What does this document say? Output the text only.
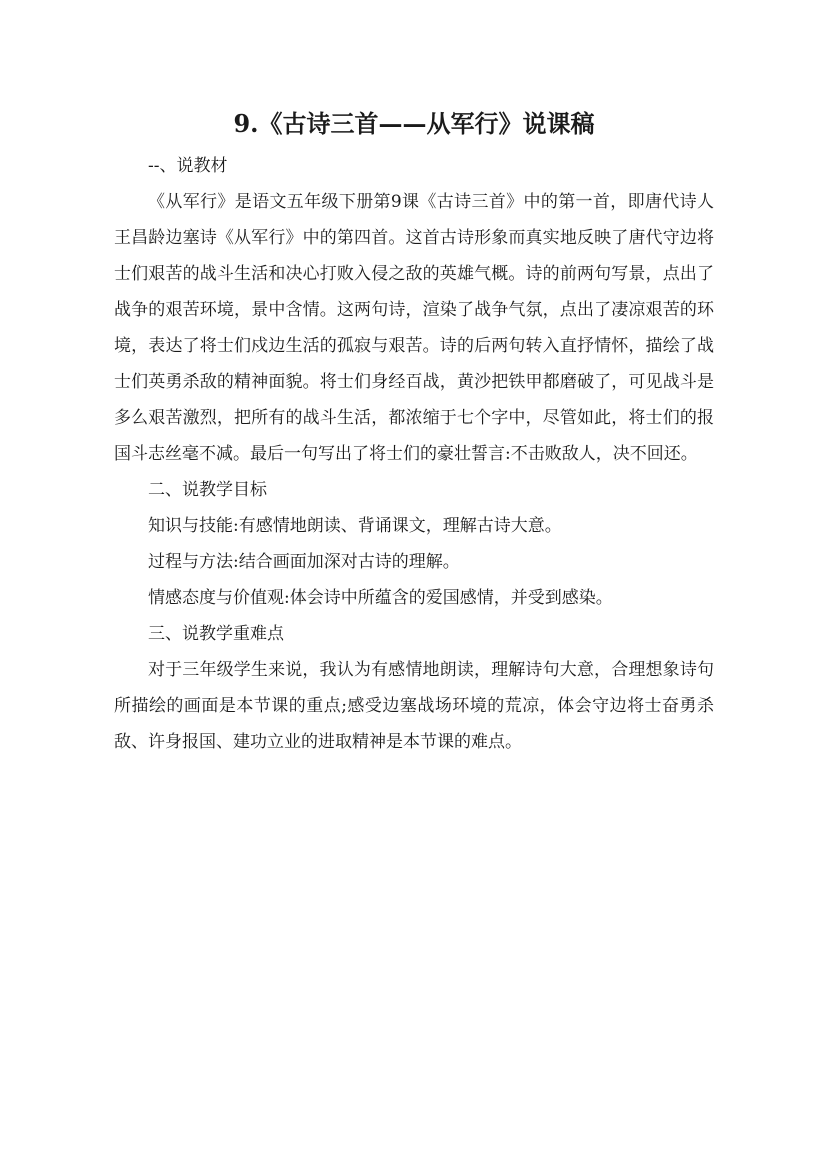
9.《古诗三首——从军行》说课稿

--、说教材

《从军行》是语文五年级下册第9课《古诗三首》中的第一首，即唐代诗人王昌龄边塞诗《从军行》中的第四首。这首古诗形象而真实地反映了唐代守边将士们艰苦的战斗生活和决心打败入侵之敌的英雄气概。诗的前两句写景，点出了战争的艰苦环境，景中含情。这两句诗，渲染了战争气氛，点出了凄凉艰苦的环境，表达了将士们戍边生活的孤寂与艰苦。诗的后两句转入直抒情怀，描绘了战士们英勇杀敌的精神面貌。将士们身经百战，黄沙把铁甲都磨破了，可见战斗是多么艰苦激烈，把所有的战斗生活，都浓缩于七个字中，尽管如此，将士们的报国斗志丝毫不减。最后一句写出了将士们的豪壮誓言:不击败敌人，决不回还。

二、说教学目标

知识与技能:有感情地朗读、背诵课文，理解古诗大意。

过程与方法:结合画面加深对古诗的理解。

情感态度与价值观:体会诗中所蕴含的爱国感情，并受到感染。

三、说教学重难点

对于三年级学生来说，我认为有感情地朗读，理解诗句大意，合理想象诗句所描绘的画面是本节课的重点;感受边塞战场环境的荒凉，体会守边将士奋勇杀敌、许身报国、建功立业的进取精神是本节课的难点。
